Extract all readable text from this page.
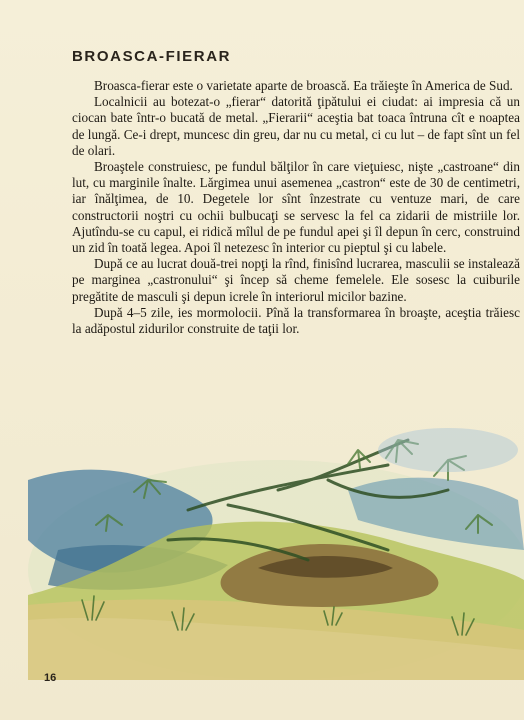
BROASCA-FIERAR

Broasca-fierar este o varietate aparte de broască. Ea trăieşte în America de Sud.

Localnicii au botezat-o „fierar“ datorită ţipătului ei ciudat: ai impresia că un ciocan bate într-o bucată de metal. „Fierarii“ aceştia bat toaca întruna cît e noaptea de lungă. Ce-i drept, muncesc din greu, dar nu cu metal, ci cu lut – de fapt sînt un fel de olari.

Broaştele construiesc, pe fundul bălţilor în care vieţuiesc, nişte „castroane“ din lut, cu marginile înalte. Lărgimea unui asemenea „castron“ este de 30 de centimetri, iar înălţimea, de 10. Degetele lor sînt înzestrate cu ventuze mari, de care constructorii noştri cu ochii bulbucaţi se servesc la fel ca zidarii de mistriile lor. Ajutîndu-se cu capul, ei ridică mîlul de pe fundul apei şi îl depun în cerc, construind un zid în toată legea. Apoi îl netezesc în interior cu pieptul şi cu labele.

După ce au lucrat două-trei nopţi la rînd, finisînd lucrarea, masculii se instalează pe marginea „castronului“ şi încep să cheme femelele. Ele sosesc la cuiburile pregătite de masculi şi depun icrele în interiorul micilor bazine.

După 4–5 zile, ies mormolocii. Pînă la transformarea în broaşte, aceştia trăiesc la adăpostul zidurilor construite de taţii lor.

16
